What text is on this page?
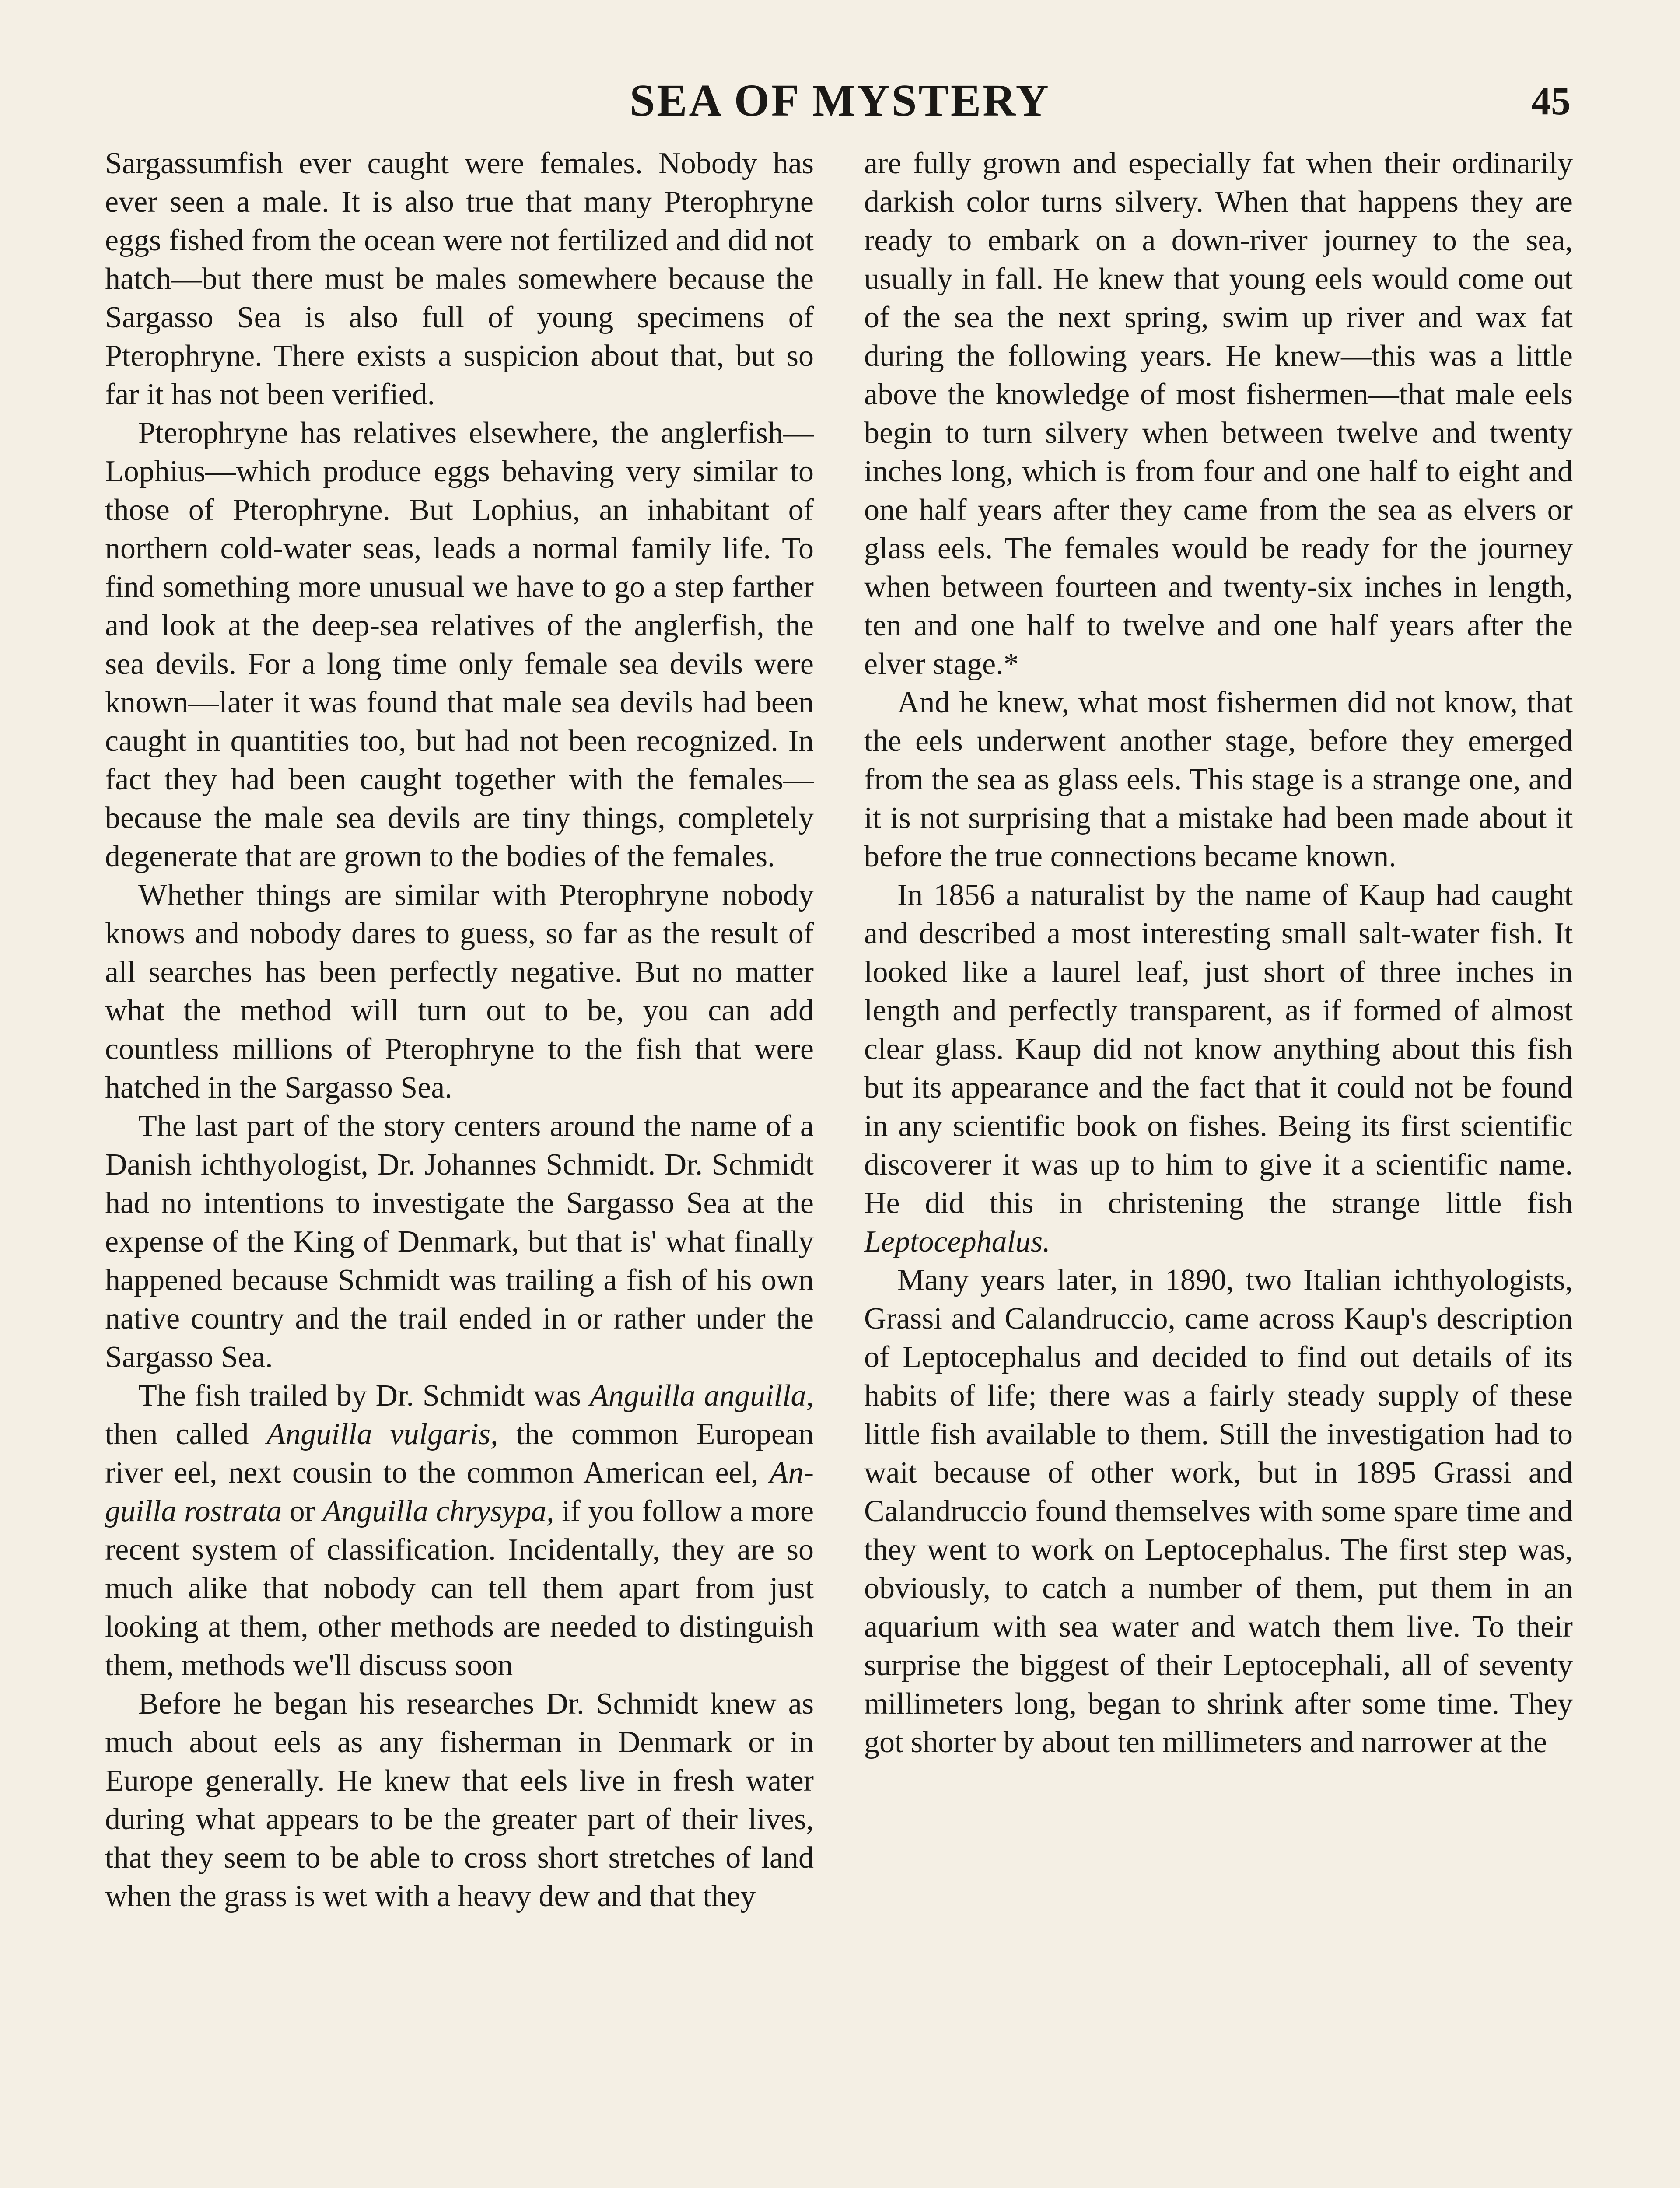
SEA OF MYSTERY	45

Sargassumfish ever caught were females. Nobody has ever seen a male. It is also true that many Pterophryne eggs fished from the ocean were not fertilized and did not hatch—but there must be males somewhere because the Sargasso Sea is also full of young specimens of Pterophryne. There exists a suspicion about that, but so far it has not been verified.

Pterophryne has relatives elsewhere, the anglerfish—Lophius—which produce eggs behaving very similar to those of Pterophryne. But Lophius, an inhabitant of northern cold-water seas, leads a normal family life. To find something more unusual we have to go a step farther and look at the deep-sea relatives of the anglerfish, the sea devils. For a long time only female sea devils were known—later it was found that male sea devils had been caught in quantities too, but had not been recognized. In fact they had been caught together with the females—because the male sea devils are tiny things, completely degenerate that are grown to the bodies of the females.

Whether things are similar with Pterophryne nobody knows and nobody dares to guess, so far as the result of all searches has been perfectly negative. But no matter what the method will turn out to be, you can add countless millions of Pterophryne to the fish that were hatched in the Sargasso Sea.

The last part of the story centers around the name of a Danish ichthyologist, Dr. Johannes Schmidt. Dr. Schmidt had no intentions to investigate the Sargasso Sea at the expense of the King of Denmark, but that is' what finally happened because Schmidt was trailing a fish of his own native country and the trail ended in or rather under the Sargasso Sea.

The fish trailed by Dr. Schmidt was Anguilla anguilla, then called Anguilla vulgaris, the common European river eel, next cousin to the common American eel, Anguilla rostrata or Anguilla chrysypa, if you follow a more recent system of classification. Incidentally, they are so much alike that nobody can tell them apart from just looking at them, other methods are needed to distinguish them, methods we'll discuss soon

Before he began his researches Dr. Schmidt knew as much about eels as any fisherman in Denmark or in Europe generally. He knew that eels live in fresh water during what appears to be the greater part of their lives, that they seem to be able to cross short stretches of land when the grass is wet with a heavy dew and that they

are fully grown and especially fat when their ordinarily darkish color turns silvery. When that happens they are ready to embark on a down-river journey to the sea, usually in fall. He knew that young eels would come out of the sea the next spring, swim up river and wax fat during the following years. He knew—this was a little above the knowledge of most fishermen—that male eels begin to turn silvery when between twelve and twenty inches long, which is from four and one half to eight and one half years after they came from the sea as elvers or glass eels. The females would be ready for the journey when between fourteen and twenty-six inches in length, ten and one half to twelve and one half years after the elver stage.*

And he knew, what most fishermen did not know, that the eels underwent another stage, before they emerged from the sea as glass eels. This stage is a strange one, and it is not surprising that a mistake had been made about it before the true connections became known.

In 1856 a naturalist by the name of Kaup had caught and described a most interesting small salt-water fish. It looked like a laurel leaf, just short of three inches in length and perfectly transparent, as if formed of almost clear glass. Kaup did not know anything about this fish but its appearance and the fact that it could not be found in any scientific book on fishes. Being its first scientific discoverer it was up to him to give it a scientific name. He did this in christening the strange little fish Leptocephalus.

Many years later, in 1890, two Italian ichthyologists, Grassi and Calandruccio, came across Kaup's description of Leptocephalus and decided to find out details of its habits of life; there was a fairly steady supply of these little fish available to them. Still the investigation had to wait because of other work, but in 1895 Grassi and Calandruccio found themselves with some spare time and they went to work on Leptocephalus. The first step was, obviously, to catch a number of them, put them in an aquarium with sea water and watch them live. To their surprise the biggest of their Leptocephali, all of seventy millimeters long, began to shrink after some time. They got shorter by about ten millimeters and narrower at the
